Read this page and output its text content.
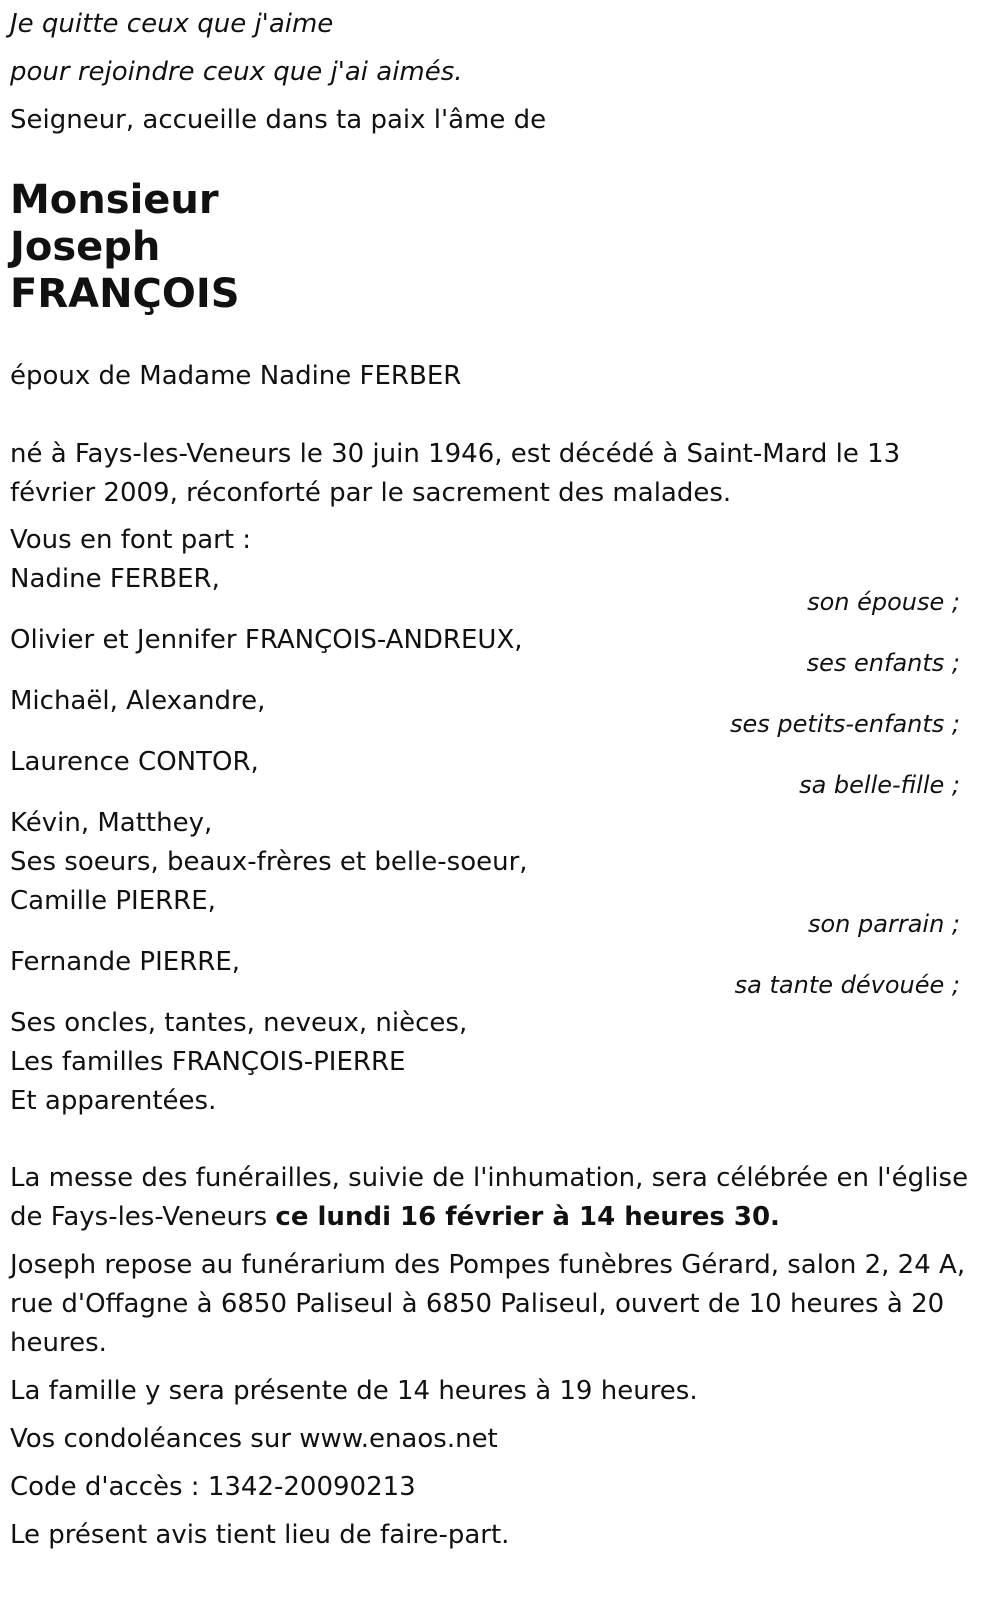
Je quitte ceux que j'aime
pour rejoindre ceux que j'ai aimés.
Seigneur, accueille dans ta paix l'âme de
Monsieur
Joseph
FRANÇOIS
époux de Madame Nadine FERBER
né à Fays-les-Veneurs le 30 juin 1946, est décédé à Saint-Mard le 13
février 2009, réconforté par le sacrement des malades.
Vous en font part :
Nadine FERBER,
son épouse ;
Olivier et Jennifer FRANÇOIS-ANDREUX,
ses enfants ;
Michaël, Alexandre,
ses petits-enfants ;
Laurence CONTOR,
sa belle-fille ;
Kévin, Matthey,
Ses soeurs, beaux-frères et belle-soeur,
Camille PIERRE,
son parrain ;
Fernande PIERRE,
sa tante dévouée ;
Ses oncles, tantes, neveux, nièces,
Les familles FRANÇOIS-PIERRE
Et apparentées.
La messe des funérailles, suivie de l'inhumation, sera célébrée en l'église
de Fays-les-Veneurs ce lundi 16 février à 14 heures 30.
Joseph repose au funérarium des Pompes funèbres Gérard, salon 2, 24 A,
rue d'Offagne à 6850 Paliseul à 6850 Paliseul, ouvert de 10 heures à 20
heures.
La famille y sera présente de 14 heures à 19 heures.
Vos condoléances sur www.enaos.net
Code d'accès : 1342-20090213
Le présent avis tient lieu de faire-part.
